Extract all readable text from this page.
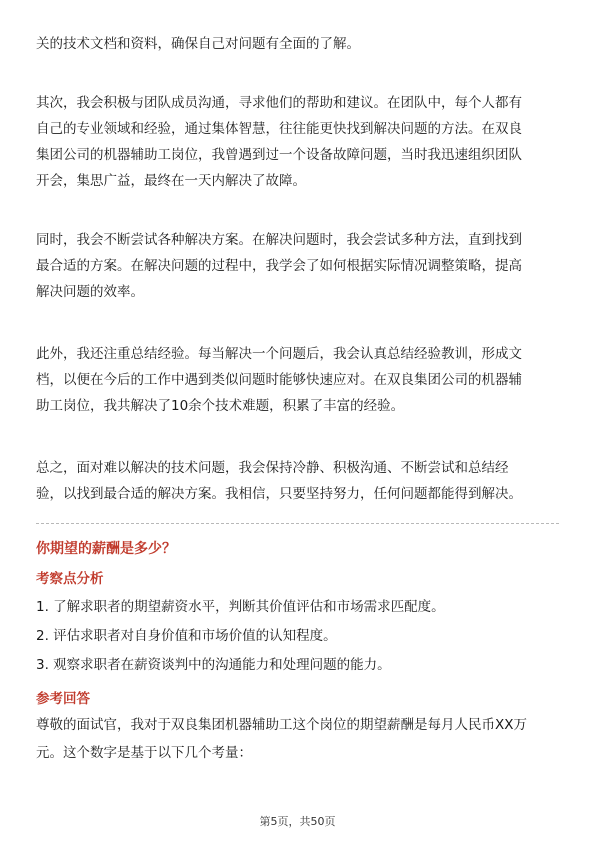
关的技术文档和资料，确保自己对问题有全面的了解。

其次，我会积极与团队成员沟通，寻求他们的帮助和建议。在团队中，每个人都有
自己的专业领域和经验，通过集体智慧，往往能更快找到解决问题的方法。在双良
集团公司的机器辅助工岗位，我曾遇到过一个设备故障问题，当时我迅速组织团队
开会，集思广益，最终在一天内解决了故障。

同时，我会不断尝试各种解决方案。在解决问题时，我会尝试多种方法，直到找到
最合适的方案。在解决问题的过程中，我学会了如何根据实际情况调整策略，提高
解决问题的效率。

此外，我还注重总结经验。每当解决一个问题后，我会认真总结经验教训，形成文
档，以便在今后的工作中遇到类似问题时能够快速应对。在双良集团公司的机器辅
助工岗位，我共解决了10余个技术难题，积累了丰富的经验。

总之，面对难以解决的技术问题，我会保持冷静、积极沟通、不断尝试和总结经
验，以找到最合适的解决方案。我相信，只要坚持努力，任何问题都能得到解决。

你期望的薪酬是多少？
考察点分析

1. 了解求职者的期望薪资水平，判断其价值评估和市场需求匹配度。

2. 评估求职者对自身价值和市场价值的认知程度。

3. 观察求职者在薪资谈判中的沟通能力和处理问题的能力。

参考回答

尊敬的面试官，我对于双良集团机器辅助工这个岗位的期望薪酬是每月人民币XX万
元。这个数字是基于以下几个考量：

第5页，共50页
